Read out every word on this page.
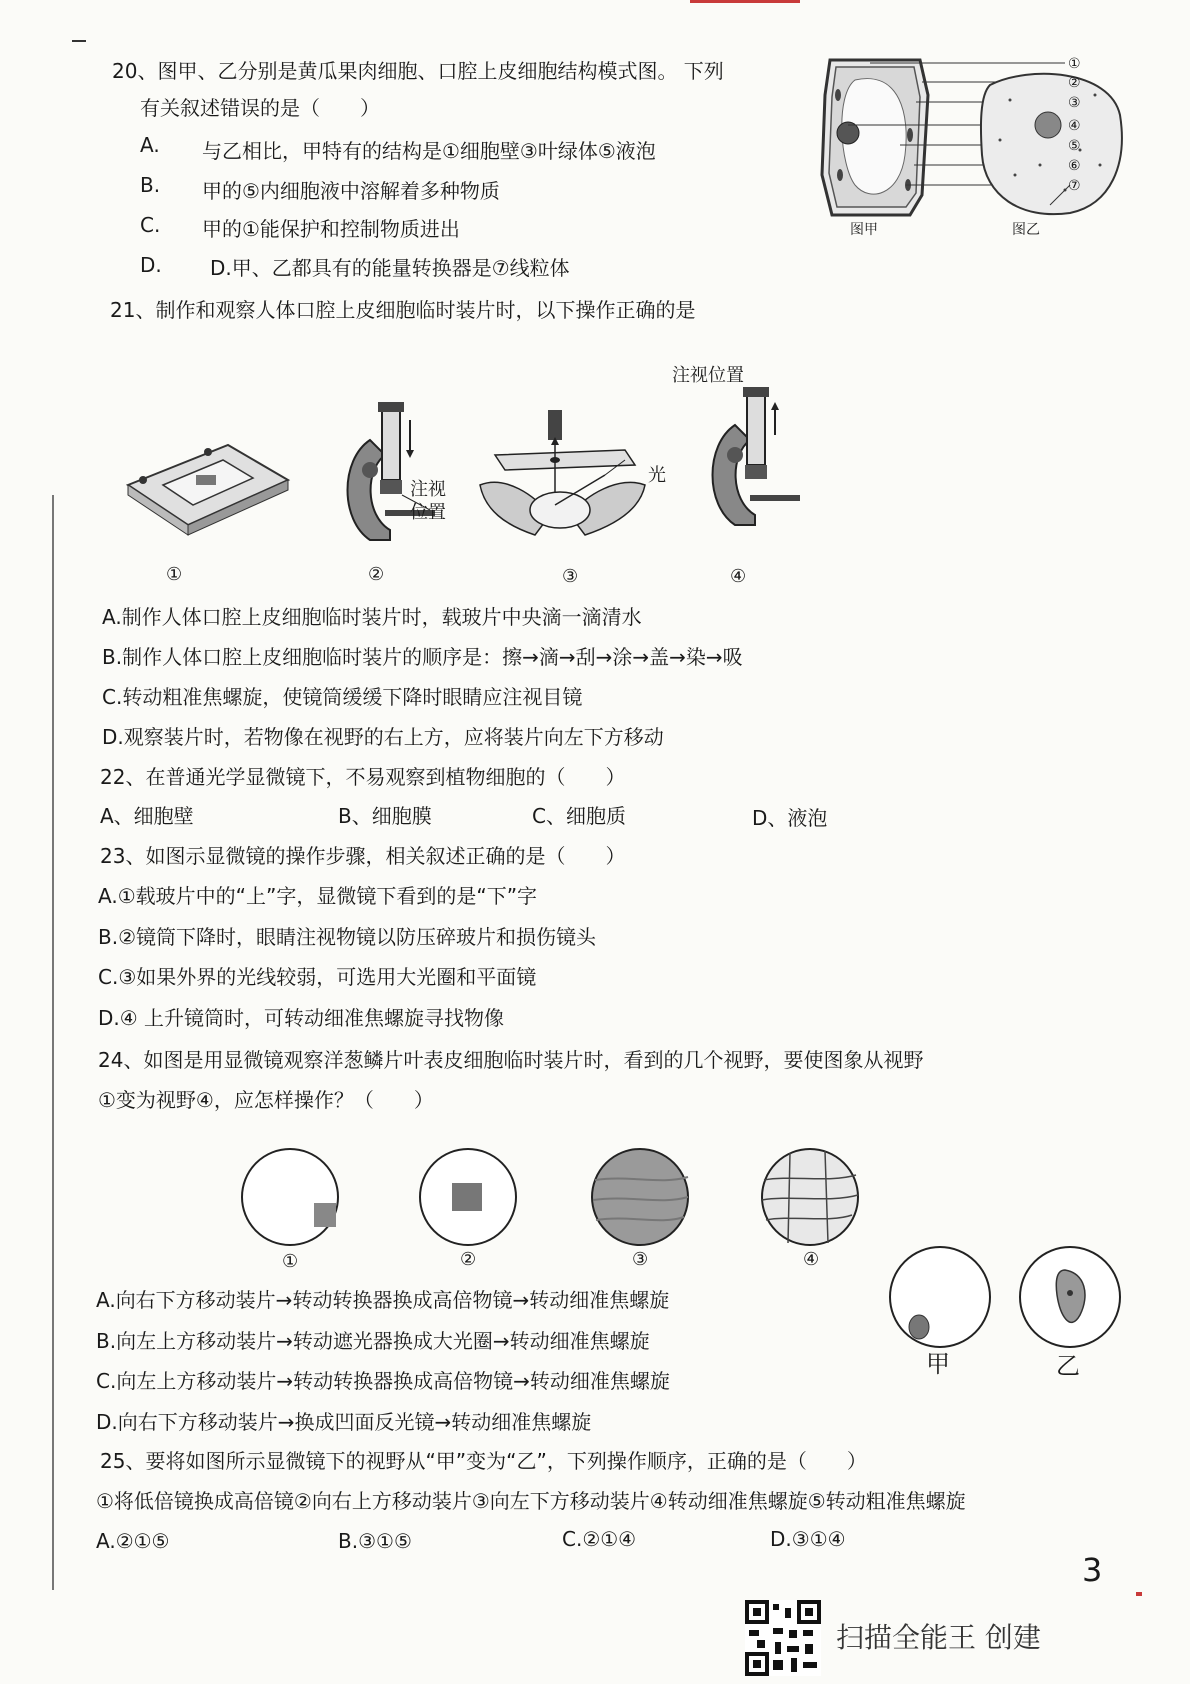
20、图甲、乙分别是黄瓜果肉细胞、口腔上皮细胞结构模式图。 下列
有关叙述错误的是（　　）
A. 与乙相比，甲特有的结构是①细胞壁③叶绿体⑤液泡
B. 甲的⑤内细胞液中溶解着多种物质
C. 甲的①能保护和控制物质进出
D. D.甲、乙都具有的能量转换器是⑦线粒体
①
②
③
④
⑤
⑥
⑦
图甲	图乙
21、制作和观察人体口腔上皮细胞临时装片时，以下操作正确的是
注视
位置
光
注视位置
①	②	③	④
A.制作人体口腔上皮细胞临时装片时，载玻片中央滴一滴清水
B.制作人体口腔上皮细胞临时装片的顺序是：擦→滴→刮→涂→盖→染→吸
C.转动粗准焦螺旋，使镜筒缓缓下降时眼睛应注视目镜
D.观察装片时，若物像在视野的右上方，应将装片向左下方移动
22、在普通光学显微镜下，不易观察到植物细胞的（　　）
A、细胞壁	B、细胞膜	C、细胞质	D、液泡
23、如图示显微镜的操作步骤，相关叙述正确的是（　　）
A.①载玻片中的“上”字，显微镜下看到的是“下”字
B.②镜筒下降时，眼睛注视物镜以防压碎玻片和损伤镜头
C.③如果外界的光线较弱，可选用大光圈和平面镜
D.④ 上升镜筒时，可转动细准焦螺旋寻找物像
24、如图是用显微镜观察洋葱鳞片叶表皮细胞临时装片时，看到的几个视野，要使图象从视野
①变为视野④，应怎样操作？（　　）
①	②	③	④
A.向右下方移动装片→转动转换器换成高倍物镜→转动细准焦螺旋
B.向左上方移动装片→转动遮光器换成大光圈→转动细准焦螺旋
C.向左上方移动装片→转动转换器换成高倍物镜→转动细准焦螺旋
D.向右下方移动装片→换成凹面反光镜→转动细准焦螺旋
甲	乙
25、要将如图所示显微镜下的视野从“甲”变为“乙”，下列操作顺序，正确的是（　　）
①将低倍镜换成高倍镜②向右上方移动装片③向左下方移动装片④转动细准焦螺旋⑤转动粗准焦螺旋
A.②①⑤	B.③①⑤	C.②①④	D.③①④
3
扫描全能王 创建
